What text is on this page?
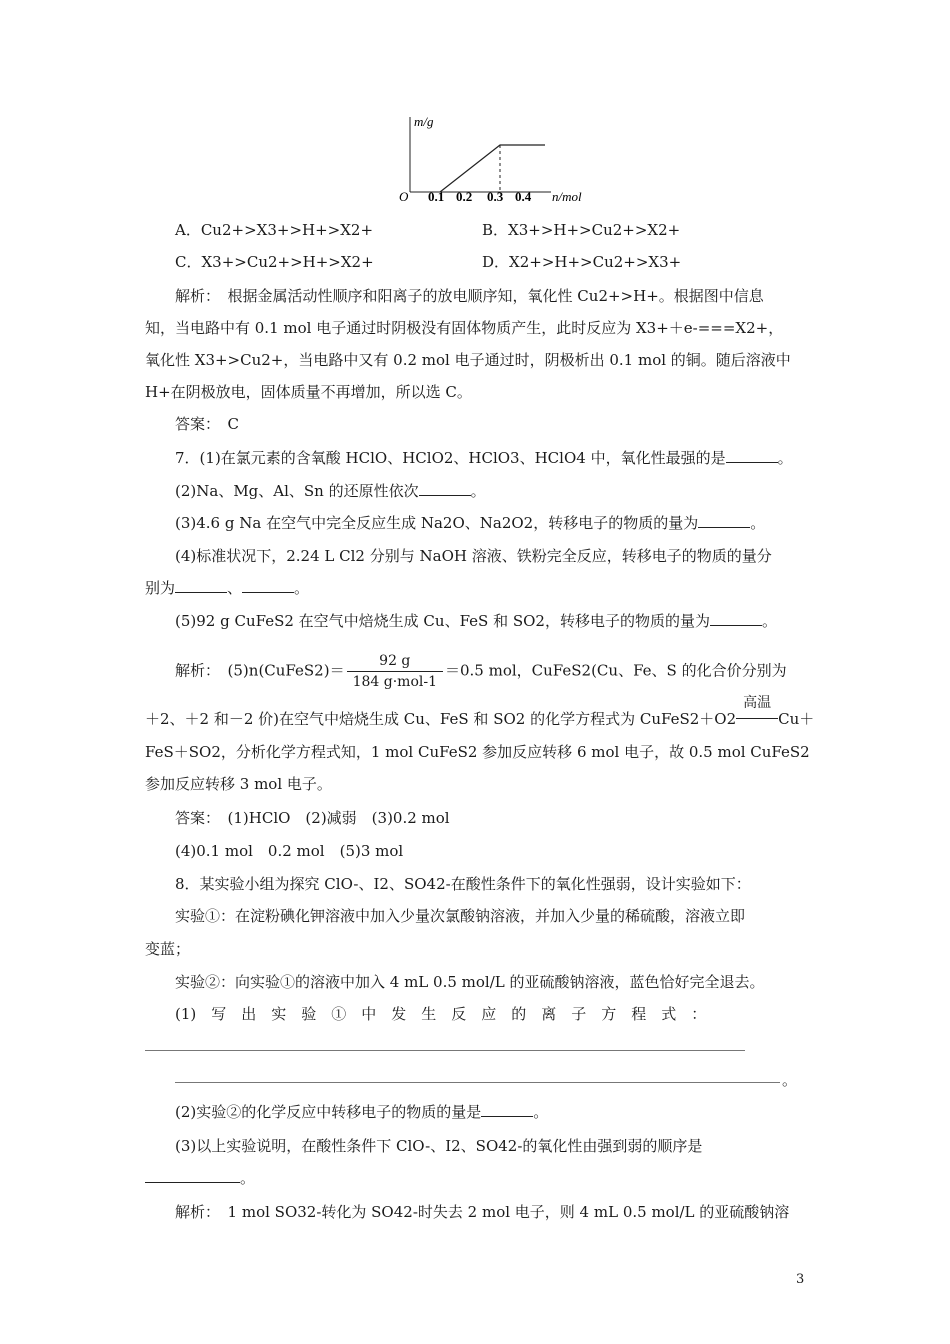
m/g
n/mol
O 0.1 0.2 0.3 0.4
A．Cu2+>X3+>H+>X2+	B．X3+>H+>Cu2+>X2+
C．X3+>Cu2+>H+>X2+	D．X2+>H+>Cu2+>X3+
解析：　 根据金属活动性顺序和阳离子的放电顺序知，氧化性 Cu2+>H+。根据图中信息
知，当电路中有 0.1 mol 电子通过时阴极没有固体物质产生，此时反应为 X3+＋e-===X2+，
氧化性 X3+>Cu2+，当电路中又有 0.2 mol 电子通过时，阴极析出 0.1 mol 的铜。随后溶液中
H+在阴极放电，固体质量不再增加，所以选 C。
答案：　 C
7．(1)在氯元素的含氧酸 HClO、HClO2、HClO3、HClO4 中，氧化性最强的是	。
(2)Na、Mg、Al、Sn 的还原性依次	。
(3)4.6 g Na 在空气中完全反应生成 Na2O、Na2O2，转移电子的物质的量为	。
(4)标准状况下，2.24 L Cl2 分别与 NaOH 溶液、铁粉完全反应，转移电子的物质的量分
别为	、	。
(5)92 g CuFeS2 在空气中焙烧生成 Cu、FeS 和 SO2，转移电子的物质的量为	。
解析：　 (5)n(CuFeS2)＝ $\frac{92 g}{\text{184 g·mol-1}} =0.5$ mol，CuFeS2(Cu、Fe、S 的化合价分别为
＋2、＋2 和－2 价)在空气中焙烧生成 Cu、FeS 和 SO2 的化学方程式为 CuFeS2＋O2
高温
Cu＋
FeS＋SO2，分析化学方程式知，1 mol CuFeS2 参加反应转移 6 mol 电子，故 0.5 mol CuFeS2
参加反应转移 3 mol 电子。
答案：　 (1)HClO　(2)减弱　(3)0.2 mol
(4)0.1 mol　0.2 mol　(5)3 mol
8．某实验小组为探究 ClO-、I2、SO42-在酸性条件下的氧化性强弱，设计实验如下：
实验①：在淀粉碘化钾溶液中加入少量次氯酸钠溶液，并加入少量的稀硫酸，溶液立即
变蓝；
实验②：向实验①的溶液中加入 4 mL 0.5 mol/L 的亚硫酸钠溶液，蓝色恰好完全退去。
(1)　写　出　实　验　①　中　发　生　反　应　的　离　子　方　程　式　：
。
(2)实验②的化学反应中转移电子的物质的量是	。
(3)以上实验说明，在酸性条件下 ClO-、I2、SO42-的氧化性由强到弱的顺序是
。
解析：　 1 mol SO32-转化为 SO42-时失去 2 mol 电子，则 4 mL 0.5 mol/L 的亚硫酸钠溶
3
